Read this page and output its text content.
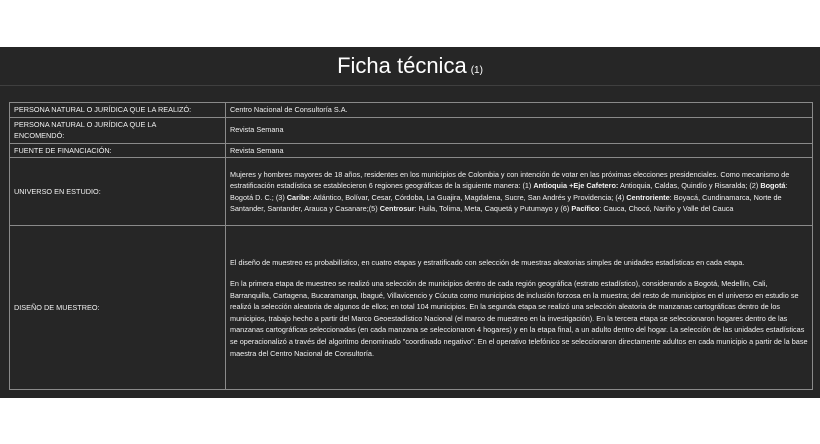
Ficha técnica (1)
PERSONA NATURAL O JURÍDICA QUE LA REALIZÓ:	Centro Nacional de Consultoría S.A.
PERSONA NATURAL O JURÍDICA QUE LA
ENCOMENDÓ:	Revista Semana
FUENTE DE FINANCIACIÓN:	Revista Semana
UNIVERSO EN ESTUDIO:	Mujeres y hombres mayores de 18 años, residentes en los municipios de Colombia y con intención de votar en las próximas elecciones presidenciales. Como mecanismo de estratificación estadística se establecieron 6 regiones geográficas de la siguiente manera: (1) Antioquia +Eje Cafetero: Antioquia, Caldas, Quindío y Risaralda; (2) Bogotá: Bogotá D. C.; (3) Caribe: Atlántico, Bolívar, Cesar, Córdoba, La Guajira, Magdalena, Sucre, San Andrés y Providencia; (4) Centroriente: Boyacá, Cundinamarca, Norte de Santander, Santander, Arauca y Casanare;(5) Centrosur: Huila, Tolima, Meta, Caquetá y Putumayo y (6) Pacífico: Cauca, Chocó, Nariño y Valle del Cauca
DISEÑO DE MUESTREO:	El diseño de muestreo es probabilístico, en cuatro etapas y estratificado con selección de muestras aleatorias simples de unidades estadísticas en cada etapa.

En la primera etapa de muestreo se realizó una selección de municipios dentro de cada región geográfica (estrato estadístico), considerando a Bogotá, Medellín, Cali, Barranquilla, Cartagena, Bucaramanga, Ibagué, Villavicencio y Cúcuta como municipios de inclusión forzosa en la muestra; del resto de municipios en el universo en estudio se realizó la selección aleatoria de algunos de ellos; en total 104 municipios. En la segunda etapa se realizó una selección aleatoria de manzanas cartográficas dentro de los municipios, trabajo hecho a partir del Marco Geoestadístico Nacional (el marco de muestreo en la investigación). En la tercera etapa se seleccionaron hogares dentro de las manzanas cartográficas seleccionadas (en cada manzana se seleccionaron 4 hogares) y en la etapa final, a un adulto dentro del hogar. La selección de las unidades estadísticas se operacionalizó a través del algoritmo denominado "coordinado negativo". En el operativo telefónico se seleccionaron directamente adultos en cada municipio a partir de la base maestra del Centro Nacional de Consultoría.
